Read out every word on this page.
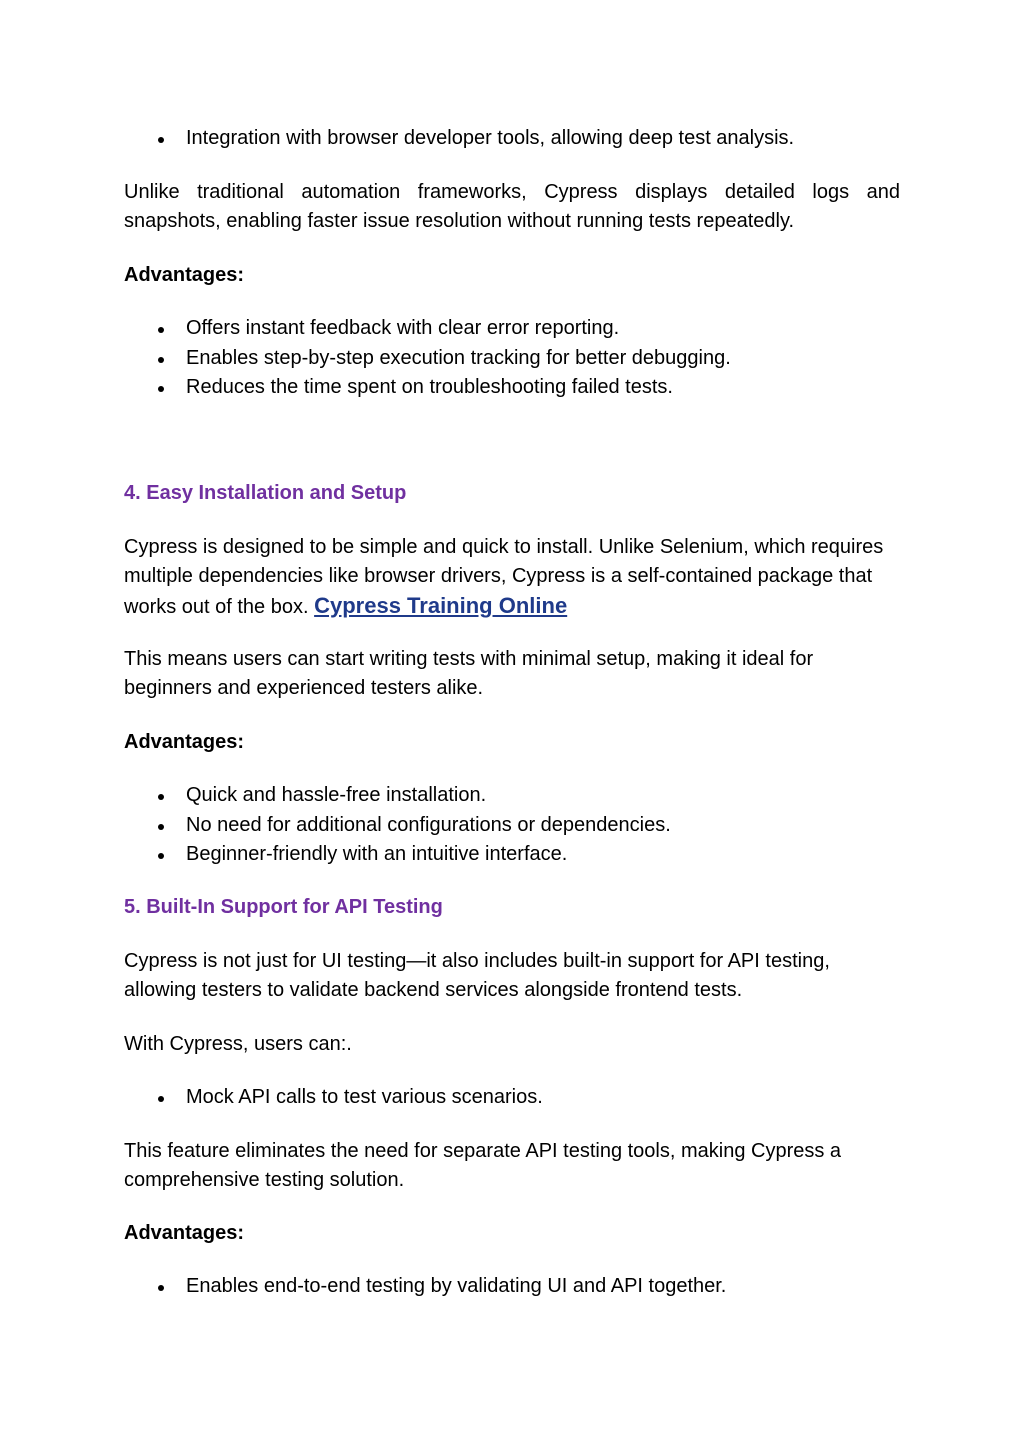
Integration with browser developer tools, allowing deep test analysis.
Unlike traditional automation frameworks, Cypress displays detailed logs and snapshots, enabling faster issue resolution without running tests repeatedly.
Advantages:
Offers instant feedback with clear error reporting.
Enables step-by-step execution tracking for better debugging.
Reduces the time spent on troubleshooting failed tests.
4. Easy Installation and Setup
Cypress is designed to be simple and quick to install. Unlike Selenium, which requires multiple dependencies like browser drivers, Cypress is a self-contained package that works out of the box. Cypress Training Online
This means users can start writing tests with minimal setup, making it ideal for beginners and experienced testers alike.
Advantages:
Quick and hassle-free installation.
No need for additional configurations or dependencies.
Beginner-friendly with an intuitive interface.
5. Built-In Support for API Testing
Cypress is not just for UI testing—it also includes built-in support for API testing, allowing testers to validate backend services alongside frontend tests.
With Cypress, users can:.
Mock API calls to test various scenarios.
This feature eliminates the need for separate API testing tools, making Cypress a comprehensive testing solution.
Advantages:
Enables end-to-end testing by validating UI and API together.
